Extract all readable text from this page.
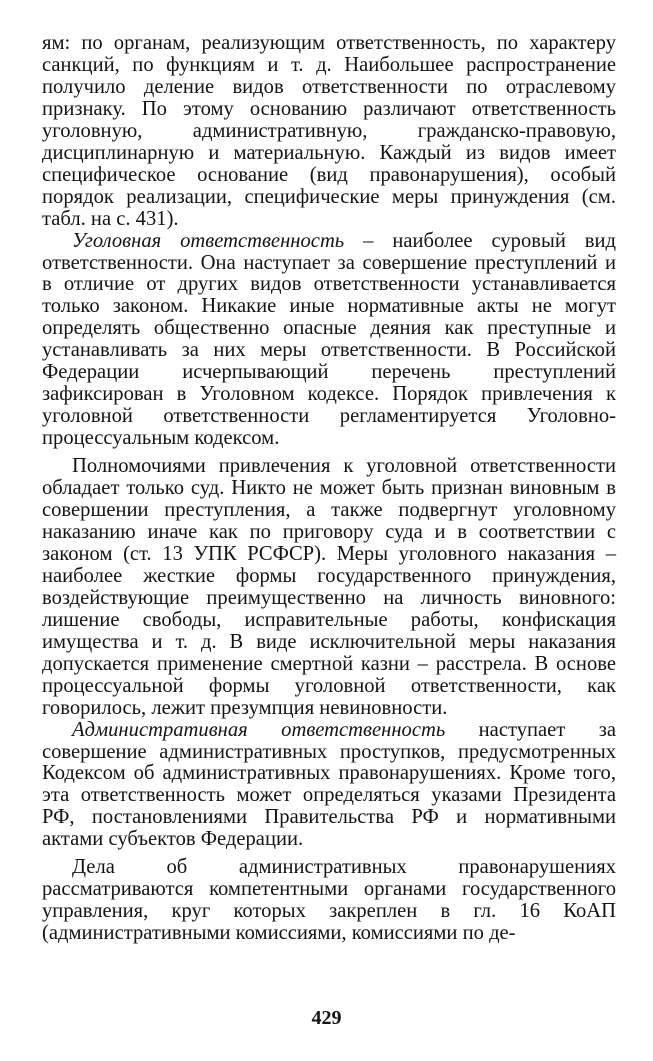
ям: по органам, реализующим ответственность, по характеру санкций, по функциям и т. д. Наибольшее распространение получило деление видов ответственности по отраслевому признаку. По этому основанию различают ответственность уголовную, административную, гражданско-правовую, дисциплинарную и материальную. Каждый из видов имеет специфическое основание (вид правонарушения), особый порядок реализации, специфические меры принуждения (см. табл. на с. 431).

Уголовная ответственность – наиболее суровый вид ответственности. Она наступает за совершение преступлений и в отличие от других видов ответственности устанавливается только законом. Никакие иные нормативные акты не могут определять общественно опасные деяния как преступные и устанавливать за них меры ответственности. В Российской Федерации исчерпывающий перечень преступлений зафиксирован в Уголовном кодексе. Порядок привлечения к уголовной ответственности регламентируется Уголовно-процессуальным кодексом.

Полномочиями привлечения к уголовной ответственности обладает только суд. Никто не может быть признан виновным в совершении преступления, а также подвергнут уголовному наказанию иначе как по приговору суда и в соответствии с законом (ст. 13 УПК РСФСР). Меры уголовного наказания – наиболее жесткие формы государственного принуждения, воздействующие преимущественно на личность виновного: лишение свободы, исправительные работы, конфискация имущества и т. д. В виде исключительной меры наказания допускается применение смертной казни – расстрела. В основе процессуальной формы уголовной ответственности, как говорилось, лежит презумпция невиновности.

Административная ответственность наступает за совершение административных проступков, предусмотренных Кодексом об административных правонарушениях. Кроме того, эта ответственность может определяться указами Президента РФ, постановлениями Правительства РФ и нормативными актами субъектов Федерации.

Дела об административных правонарушениях рассматриваются компетентными органами государственного управления, круг которых закреплен в гл. 16 КоАП (административными комиссиями, комиссиями по де-

429
